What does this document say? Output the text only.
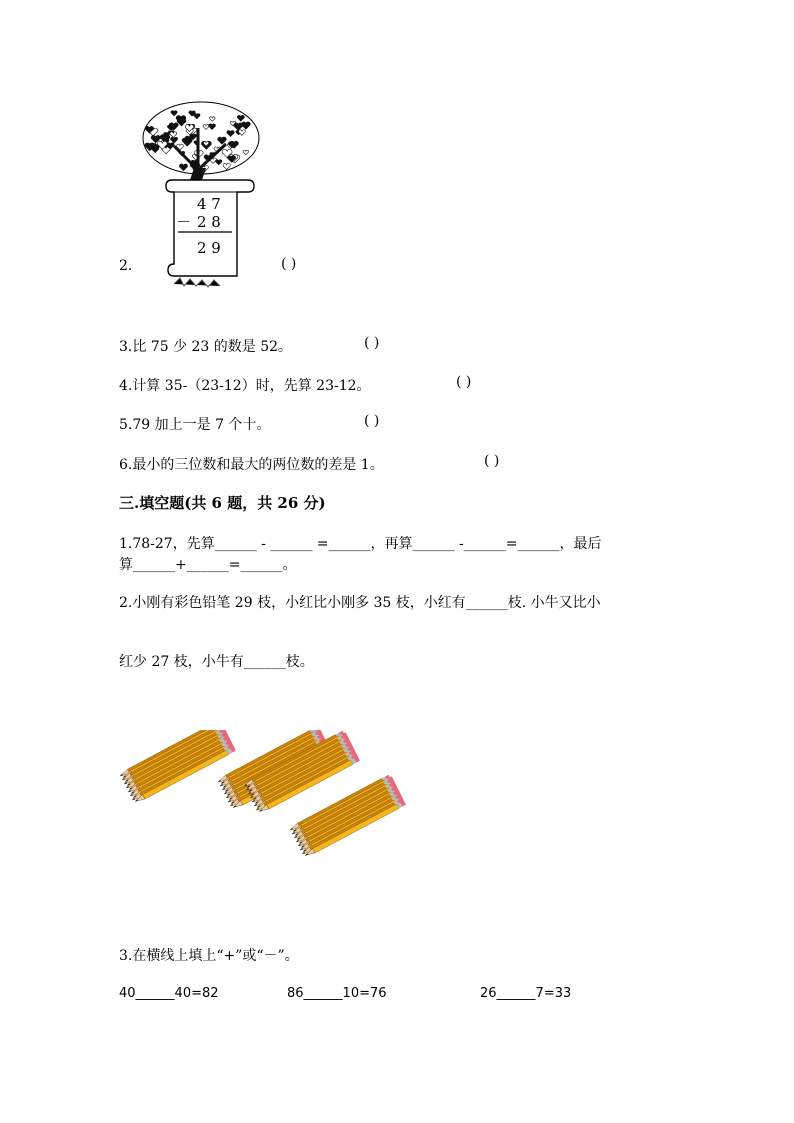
4 7
－ 2 8
2 9
2.	( )
3.比 75 少 23 的数是 52。	( )
4.计算 35-（23-12）时，先算 23-12。	( )
5.79 加上一是 7 个十。	( )
6.最小的三位数和最大的两位数的差是 1。	( )
三.填空题(共 6 题，共 26 分)
1.78-27，先算______ - ______ =______，再算______ -______=______，最后
算______+______=______。
2.小刚有彩色铅笔 29 枝，小红比小刚多 35 枝，小红有______枝. 小牛又比小
红少 27 枝，小牛有______枝。
3.在横线上填上“+”或“－”。
40______40=82	86______10=76	26______7=33
